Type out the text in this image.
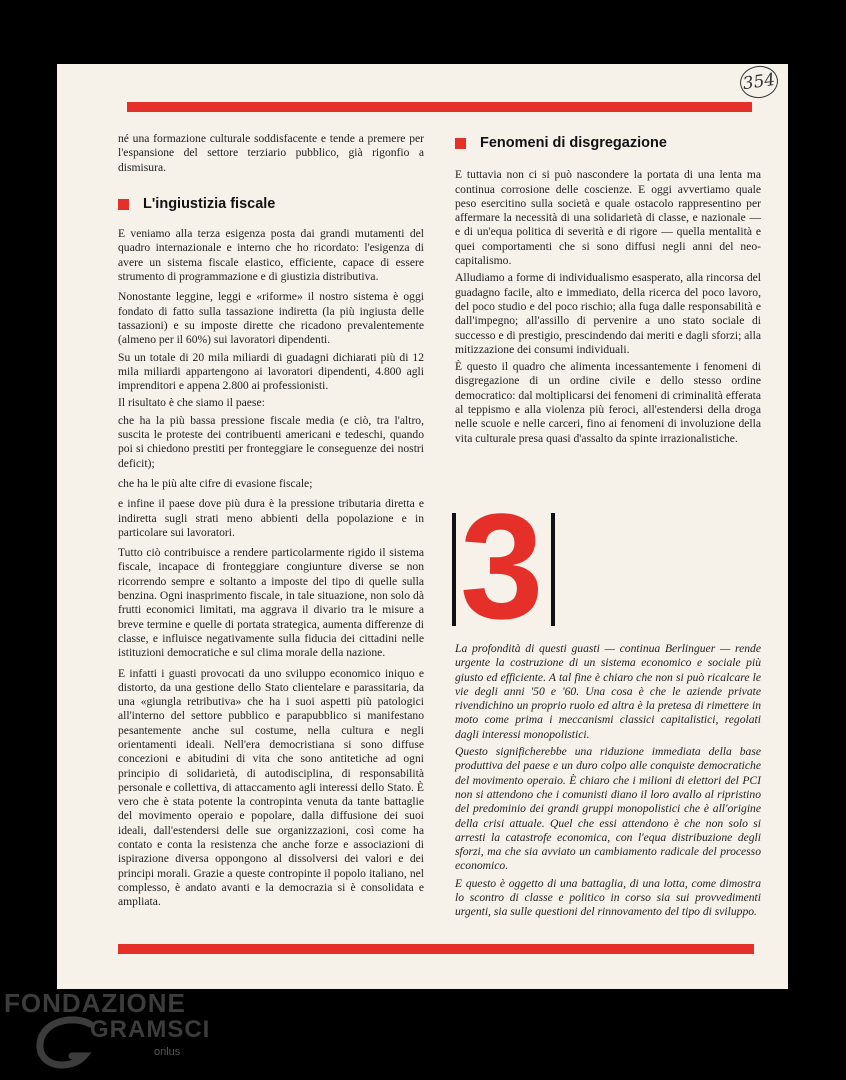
354

né una formazione culturale soddisfacente e tende a premere per l'espansione del settore terziario pubblico, già rigonfio a dismisura.

L'ingiustizia fiscale

E veniamo alla terza esigenza posta dai grandi mutamenti del quadro internazionale e interno che ho ricordato: l'esigenza di avere un sistema fiscale elastico, efficiente, capace di essere strumento di programmazione e di giustizia distributiva.

Nonostante leggine, leggi e «riforme» il nostro sistema è oggi fondato di fatto sulla tassazione indiretta (la più ingiusta delle tassazioni) e su imposte dirette che ricadono prevalentemente (almeno per il 60%) sui lavoratori dipendenti.

Su un totale di 20 mila miliardi di guadagni dichiarati più di 12 mila miliardi appartengono ai lavoratori dipendenti, 4.800 agli imprenditori e appena 2.800 ai professionisti.

Il risultato è che siamo il paese:

che ha la più bassa pressione fiscale media (e ciò, tra l'altro, suscita le proteste dei contribuenti americani e tedeschi, quando poi si chiedono prestiti per fronteggiare le conseguenze dei nostri deficit);

che ha le più alte cifre di evasione fiscale;

e infine il paese dove più dura è la pressione tributaria diretta e indiretta sugli strati meno abbienti della popolazione e in particolare sui lavoratori.

Tutto ciò contribuisce a rendere particolarmente rigido il sistema fiscale, incapace di fronteggiare congiunture diverse se non ricorrendo sempre e soltanto a imposte del tipo di quelle sulla benzina. Ogni inasprimento fiscale, in tale situazione, non solo dà frutti economici limitati, ma aggrava il divario tra le misure a breve termine e quelle di portata strategica, aumenta differenze di classe, e influisce negativamente sulla fiducia dei cittadini nelle istituzioni democratiche e sul clima morale della nazione.

E infatti i guasti provocati da uno sviluppo economico iniquo e distorto, da una gestione dello Stato clientelare e parassitaria, da una «giungla retributiva» che ha i suoi aspetti più patologici all'interno del settore pubblico e parapubblico si manifestano pesantemente anche sul costume, nella cultura e negli orientamenti ideali. Nell'era democristiana si sono diffuse concezioni e abitudini di vita che sono antitetiche ad ogni principio di solidarietà, di autodisciplina, di responsabilità personale e collettiva, di attaccamento agli interessi dello Stato. È vero che è stata potente la contropinta venuta da tante battaglie del movimento operaio e popolare, dalla diffusione dei suoi ideali, dall'estendersi delle sue organizzazioni, così come ha contato e conta la resistenza che anche forze e associazioni di ispirazione diversa oppongono al dissolversi dei valori e dei principi morali. Grazie a queste contropinte il popolo italiano, nel complesso, è andato avanti e la democrazia si è consolidata e ampliata.

Fenomeni di disgregazione

E tuttavia non ci si può nascondere la portata di una lenta ma continua corrosione delle coscienze. E oggi avvertiamo quale peso esercitino sulla società e quale ostacolo rappresentino per affermare la necessità di una solidarietà di classe, e nazionale — e di un'equa politica di severità e di rigore — quella mentalità e quei comportamenti che si sono diffusi negli anni del neo-capitalismo.

Alludiamo a forme di individualismo esasperato, alla rincorsa del guadagno facile, alto e immediato, della ricerca del poco lavoro, del poco studio e del poco rischio; alla fuga dalle responsabilità e dall'impegno; all'assillo di pervenire a uno stato sociale di successo e di prestigio, prescindendo dai meriti e dagli sforzi; alla mitizzazione dei consumi individuali.

È questo il quadro che alimenta incessantemente i fenomeni di disgregazione di un ordine civile e dello stesso ordine democratico: dal moltiplicarsi dei fenomeni di criminalità efferata al teppismo e alla violenza più feroci, all'estendersi della droga nelle scuole e nelle carceri, fino ai fenomeni di involuzione della vita culturale presa quasi d'assalto da spinte irrazionalistiche.

3

La profondità di questi guasti — continua Berlinguer — rende urgente la costruzione di un sistema economico e sociale più giusto ed efficiente. A tal fine è chiaro che non si può ricalcare le vie degli anni '50 e '60. Una cosa è che le aziende private rivendichino un proprio ruolo ed altra è la pretesa di rimettere in moto come prima i meccanismi classici capitalistici, regolati dagli interessi monopolistici.

Questo significherebbe una riduzione immediata della base produttiva del paese e un duro colpo alle conquiste democratiche del movimento operaio. È chiaro che i milioni di elettori del PCI non si attendono che i comunisti diano il loro avallo al ripristino del predominio dei grandi gruppi monopolistici che è all'origine della crisi attuale. Quel che essi attendono è che non solo si arresti la catastrofe economica, con l'equa distribuzione degli sforzi, ma che sia avviato un cambiamento radicale del processo economico.

E questo è oggetto di una battaglia, di una lotta, come dimostra lo scontro di classe e politico in corso sia sui provvedimenti urgenti, sia sulle questioni del rinnovamento del tipo di sviluppo.

FONDAZIONE
GRAMSCI
onlus
